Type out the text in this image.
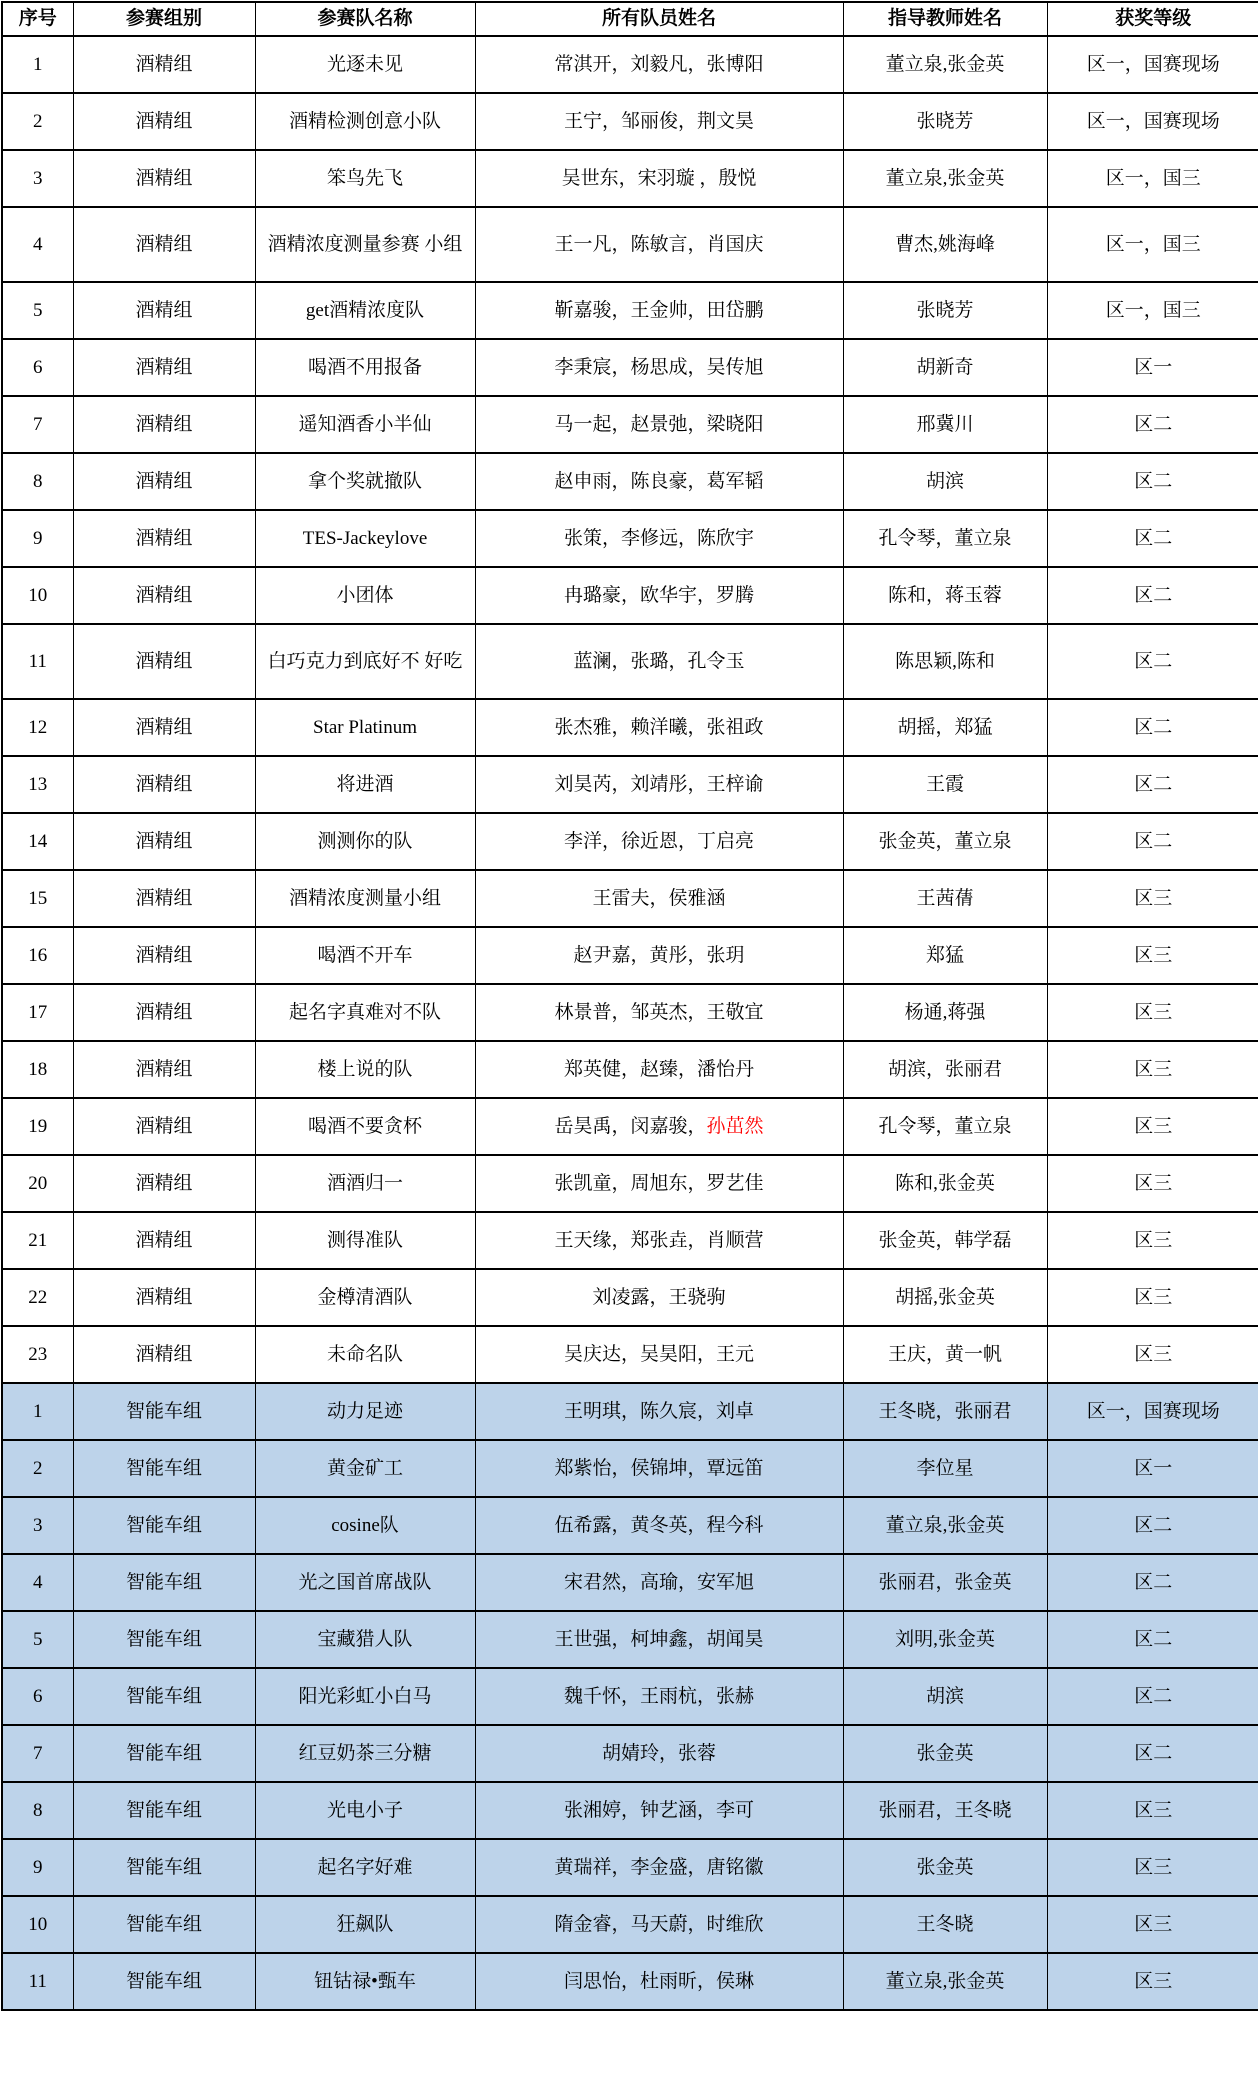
序号	参赛组别	参赛队名称	所有队员姓名	指导教师姓名	获奖等级
1	酒精组	光逐未见	常淇开，刘毅凡，张博阳	董立泉,张金英	区一，国赛现场
2	酒精组	酒精检测创意小队	王宁，邹丽俊，荆文昊	张晓芳	区一，国赛现场
3	酒精组	笨鸟先飞	吴世东，宋羽璇 ，殷悦	董立泉,张金英	区一，国三
4	酒精组	酒精浓度测量参赛 小组	王一凡，陈敏言，肖国庆	曹杰,姚海峰	区一，国三
5	酒精组	get酒精浓度队	靳嘉骏，王金帅，田岱鹏	张晓芳	区一，国三
6	酒精组	喝酒不用报备	李秉宸，杨思成，吴传旭	胡新奇	区一
7	酒精组	遥知酒香小半仙	马一起，赵景弛，梁晓阳	邢冀川	区二
8	酒精组	拿个奖就撤队	赵申雨，陈良豪，葛军韬	胡滨	区二
9	酒精组	TES-Jackeylove	张策，李修远，陈欣宇	孔令琴，董立泉	区二
10	酒精组	小团体	冉璐豪，欧华宇，罗腾	陈和，蒋玉蓉	区二
11	酒精组	白巧克力到底好不 好吃	蓝澜，张璐，孔令玉	陈思颖,陈和	区二
12	酒精组	Star Platinum	张杰雅，赖洋曦，张祖政	胡摇，郑猛	区二
13	酒精组	将进酒	刘昊芮，刘靖彤，王梓谕	王霞	区二
14	酒精组	测测你的队	李洋，徐近恩，丁启亮	张金英，董立泉	区二
15	酒精组	酒精浓度测量小组	王雷夫，侯雅涵	王茜蒨	区三
16	酒精组	喝酒不开车	赵尹嘉，黄彤，张玥	郑猛	区三
17	酒精组	起名字真难对不队	林景普，邹英杰，王敬宜	杨通,蒋强	区三
18	酒精组	楼上说的队	郑英健，赵臻，潘怡丹	胡滨，张丽君	区三
19	酒精组	喝酒不要贪杯	岳昊禹，闵嘉骏，孙茁然	孔令琴，董立泉	区三
20	酒精组	酒酒归一	张凯童，周旭东，罗艺佳	陈和,张金英	区三
21	酒精组	测得准队	王天缘，郑张垚，肖顺营	张金英，韩学磊	区三
22	酒精组	金樽清酒队	刘凌露，王骁驹	胡摇,张金英	区三
23	酒精组	未命名队	吴庆达，吴昊阳，王元	王庆，黄一帆	区三
1	智能车组	动力足迹	王明琪，陈久宸，刘卓	王冬晓，张丽君	区一，国赛现场
2	智能车组	黄金矿工	郑紫怡，侯锦坤，覃远笛	李位星	区一
3	智能车组	cosine队	伍希露，黄冬英，程今科	董立泉,张金英	区二
4	智能车组	光之国首席战队	宋君然，高瑜，安军旭	张丽君，张金英	区二
5	智能车组	宝藏猎人队	王世强，柯坤鑫，胡闻昊	刘明,张金英	区二
6	智能车组	阳光彩虹小白马	魏千怀，王雨杭，张赫	胡滨	区二
7	智能车组	红豆奶茶三分糖	胡婧玲，张蓉	张金英	区二
8	智能车组	光电小子	张湘婷，钟艺涵，李可	张丽君，王冬晓	区三
9	智能车组	起名字好难	黄瑞祥，李金盛，唐铭徽	张金英	区三
10	智能车组	狂飙队	隋金睿，马天蔚，时维欣	王冬晓	区三
11	智能车组	钮钴禄•甄车	闫思怡，杜雨昕，侯琳	董立泉,张金英	区三
